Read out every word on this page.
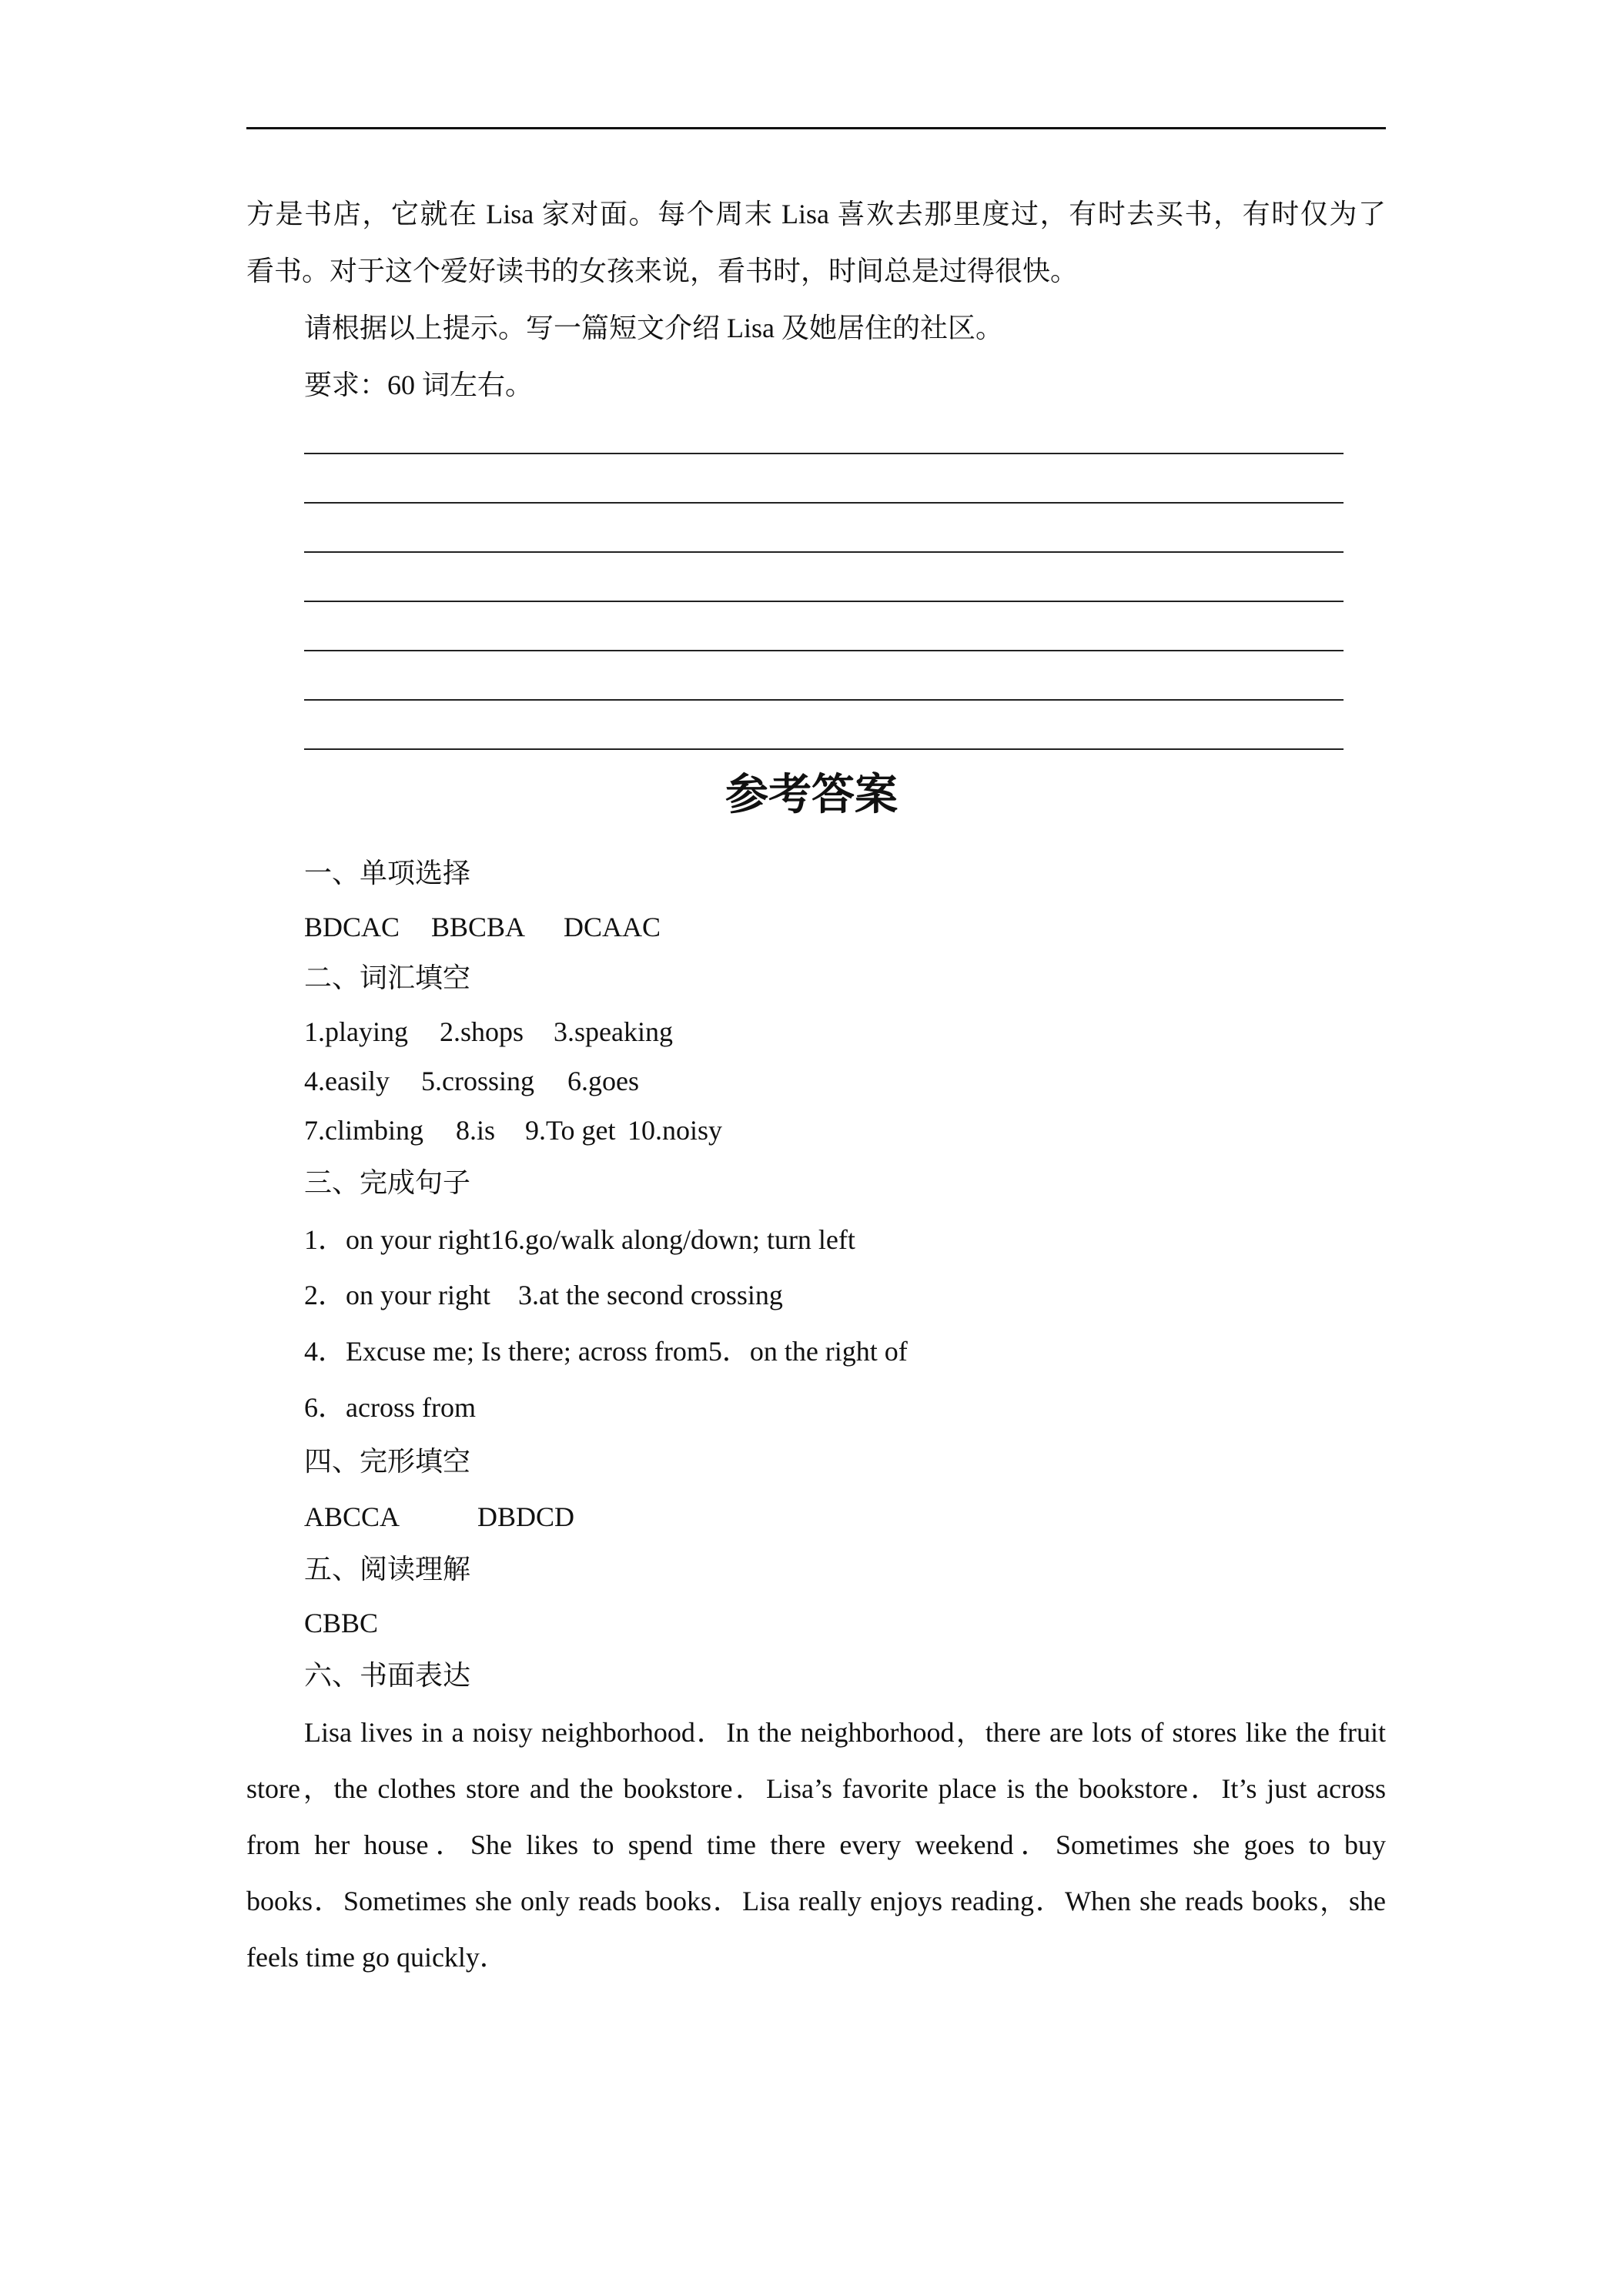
方是书店，它就在 Lisa 家对面。每个周末 Lisa 喜欢去那里度过，有时去买书，有时仅为了
看书。对于这个爱好读书的女孩来说，看书时，时间总是过得很快。
请根据以上提示。写一篇短文介绍 Lisa 及她居住的社区。
要求：60 词左右。
参考答案
一、单项选择
BDCAC BBCBA DCAAC
二、词汇填空
1.playing 2.shops 3.speaking
4.easily 5.crossing 6.goes
7.climbing 8.is 9.To get 10.noisy
三、完成句子
1．on your right16.go/walk along/down; turn left
2．on your right    3.at the second crossing
4．Excuse me; Is there; across from5．on the right of
6．across from
四、完形填空
ABCCA	DBDCD
五、阅读理解
CBBC
六、书面表达
Lisa lives in a noisy neighborhood．In the neighborhood，there are lots of stores like the fruit
store，the clothes store and the bookstore．Lisa’s favorite place is the bookstore．It’s just across
from her house．She likes to spend time there every weekend．Sometimes she goes to buy
books．Sometimes she only reads books．Lisa really enjoys reading．When she reads books，she
feels time go quickly．
